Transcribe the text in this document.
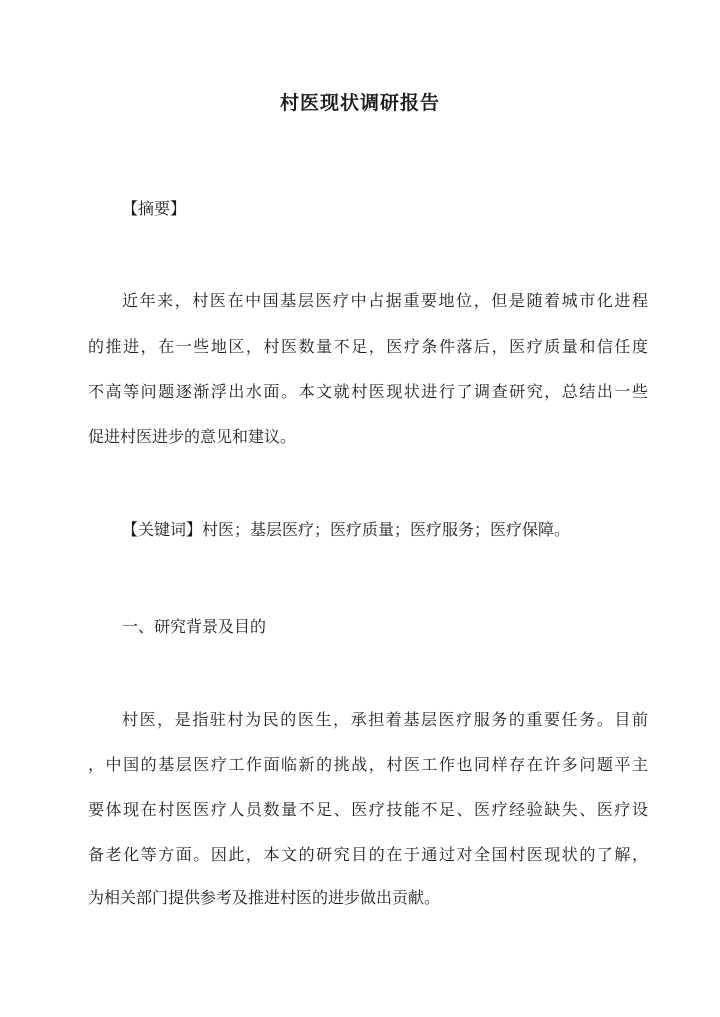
村医现状调研报告

【摘要】

近年来，村医在中国基层医疗中占据重要地位，但是随着城市化进程

的推进，在一些地区，村医数量不足，医疗条件落后，医疗质量和信任度

不高等问题逐渐浮出水面。本文就村医现状进行了调查研究，总结出一些

促进村医进步的意见和建议。

【关键词】村医；基层医疗；医疗质量；医疗服务；医疗保障。

一、研究背景及目的

村医，是指驻村为民的医生，承担着基层医疗服务的重要任务。目前

，中国的基层医疗工作面临新的挑战，村医工作也同样存在许多问题平主

要体现在村医医疗人员数量不足、医疗技能不足、医疗经验缺失、医疗设

备老化等方面。因此，本文的研究目的在于通过对全国村医现状的了解，

为相关部门提供参考及推进村医的进步做出贡献。
